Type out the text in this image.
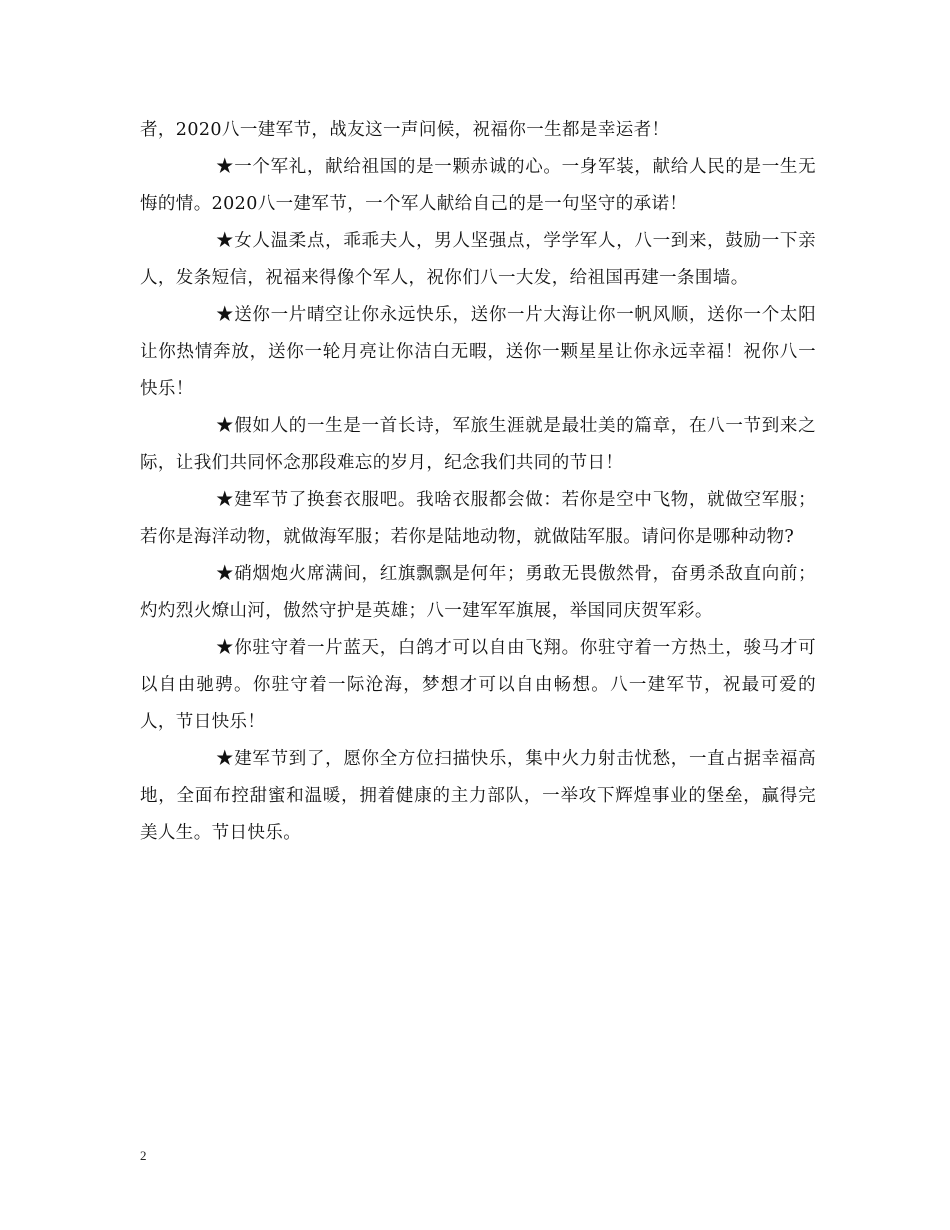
者，2020八一建军节，战友这一声问候，祝福你一生都是幸运者！

★一个军礼，献给祖国的是一颗赤诚的心。一身军装，献给人民的是一生无悔的情。2020八一建军节，一个军人献给自己的是一句坚守的承诺！

★女人温柔点，乖乖夫人，男人坚强点，学学军人，八一到来，鼓励一下亲人，发条短信，祝福来得像个军人，祝你们八一大发，给祖国再建一条围墙。

★送你一片晴空让你永远快乐，送你一片大海让你一帆风顺，送你一个太阳让你热情奔放，送你一轮月亮让你洁白无暇，送你一颗星星让你永远幸福！祝你八一快乐！

★假如人的一生是一首长诗，军旅生涯就是最壮美的篇章，在八一节到来之际，让我们共同怀念那段难忘的岁月，纪念我们共同的节日！

★建军节了换套衣服吧。我啥衣服都会做：若你是空中飞物，就做空军服；若你是海洋动物，就做海军服；若你是陆地动物，就做陆军服。请问你是哪种动物?

★硝烟炮火席满间，红旗飘飘是何年；勇敢无畏傲然骨，奋勇杀敌直向前；灼灼烈火燎山河，傲然守护是英雄；八一建军军旗展，举国同庆贺军彩。

★你驻守着一片蓝天，白鸽才可以自由飞翔。你驻守着一方热土，骏马才可以自由驰骋。你驻守着一际沧海，梦想才可以自由畅想。八一建军节，祝最可爱的人，节日快乐！

★建军节到了，愿你全方位扫描快乐，集中火力射击忧愁，一直占据幸福高地，全面布控甜蜜和温暖，拥着健康的主力部队，一举攻下辉煌事业的堡垒，赢得完美人生。节日快乐。

2
